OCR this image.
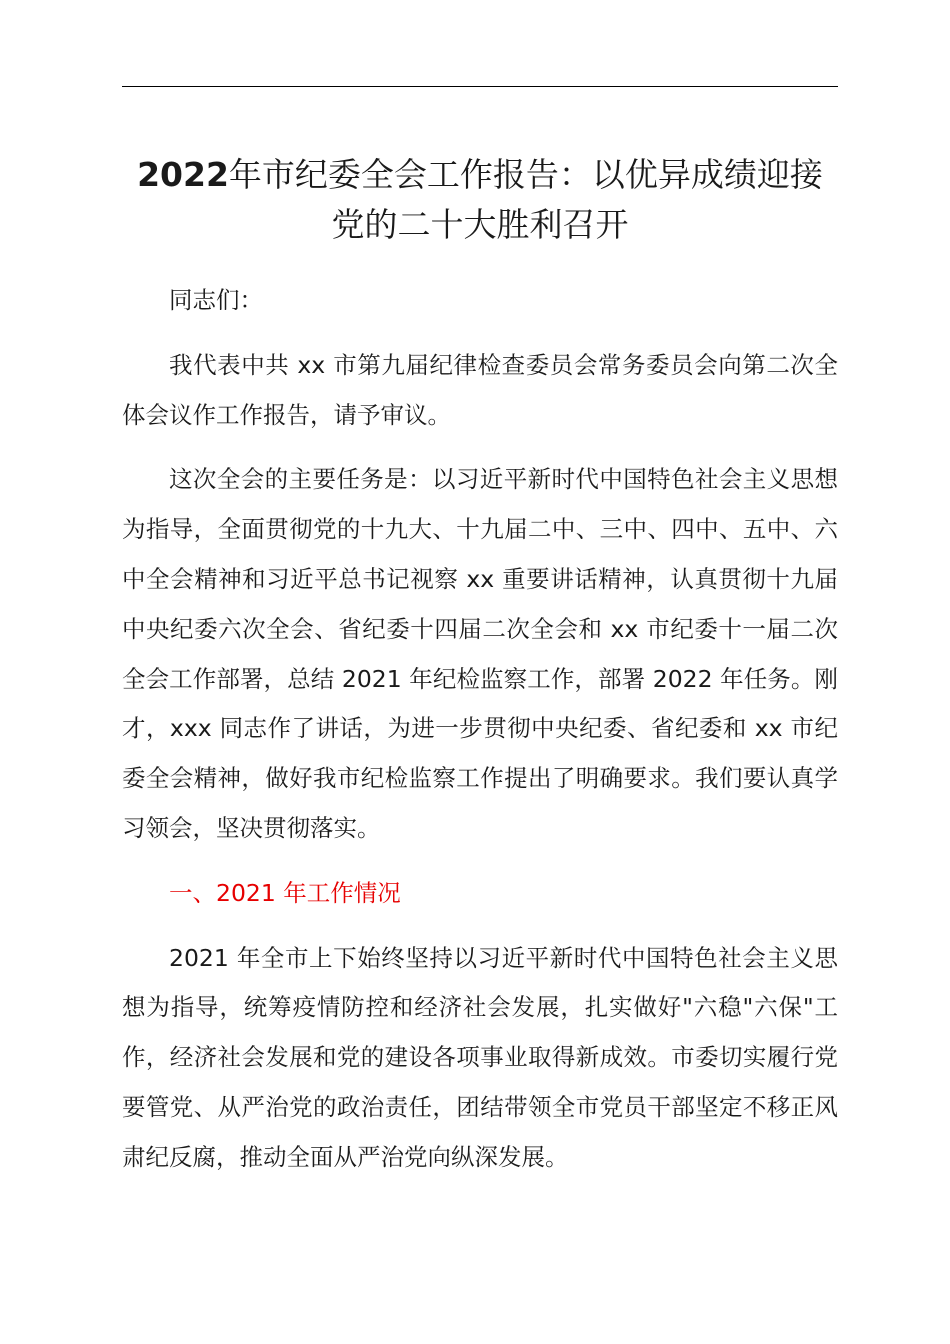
2022年市纪委全会工作报告：以优异成绩迎接党的二十大胜利召开

同志们：

我代表中共 xx 市第九届纪律检查委员会常务委员会向第二次全体会议作工作报告，请予审议。

这次全会的主要任务是：以习近平新时代中国特色社会主义思想为指导，全面贯彻党的十九大、十九届二中、三中、四中、五中、六中全会精神和习近平总书记视察 xx 重要讲话精神，认真贯彻十九届中央纪委六次全会、省纪委十四届二次全会和 xx 市纪委十一届二次全会工作部署，总结 2021 年纪检监察工作，部署 2022 年任务。刚才，xxx 同志作了讲话，为进一步贯彻中央纪委、省纪委和 xx 市纪委全会精神，做好我市纪检监察工作提出了明确要求。我们要认真学习领会，坚决贯彻落实。

一、2021 年工作情况

2021 年全市上下始终坚持以习近平新时代中国特色社会主义思想为指导，统筹疫情防控和经济社会发展，扎实做好"六稳"六保"工作，经济社会发展和党的建设各项事业取得新成效。市委切实履行党要管党、从严治党的政治责任，团结带领全市党员干部坚定不移正风肃纪反腐，推动全面从严治党向纵深发展。
